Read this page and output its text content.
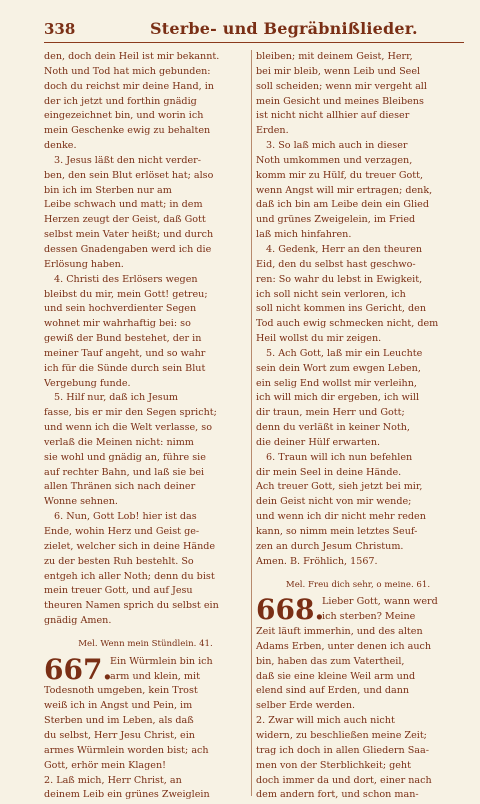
338	Sterbe- und Begräbnißlieder.
den, doch dein Heil ist mir bekannt.
Noth und Tod hat mich gebunden:
doch du reichst mir deine Hand, in
der ich jetzt und forthin gnädig
eingezeichnet bin, und worin ich
mein Geschenke ewig zu behalten
denke.
3. Jesus läßt den nicht verder-
ben, den sein Blut erlöset hat; also
bin ich im Sterben nur am
Leibe schwach und matt; in dem
Herzen zeugt der Geist, daß Gott
selbst mein Vater heißt; und durch
dessen Gnadengaben werd ich die
Erlösung haben.
4. Christi des Erlösers wegen
bleibst du mir, mein Gott! getreu;
und sein hochverdienter Segen
wohnet mir wahrhaftig bei: so
gewiß der Bund bestehet, der in
meiner Tauf angeht, und so wahr
ich für die Sünde durch sein Blut
Vergebung funde.
5. Hilf nur, daß ich Jesum
fasse, bis er mir den Segen spricht;
und wenn ich die Welt verlasse, so
verlaß die Meinen nicht: nimm
sie wohl und gnädig an, führe sie
auf rechter Bahn, und laß sie bei
allen Thränen sich nach deiner
Wonne sehnen.
6. Nun, Gott Lob! hier ist das
Ende, wohin Herz und Geist ge-
zielet, welcher sich in deine Hände
zu der besten Ruh bestehlt. So
entgeh ich aller Noth; denn du bist
mein treuer Gott, und auf Jesu
theuren Namen sprich du selbst ein
gnädig Amen.
Mel. Wenn mein Stündlein. 41.
667.
Ein Würmlein bin ich
arm und klein, mit
Todesnoth umgeben, kein Trost
weiß ich in Angst und Pein, im
Sterben und im Leben, als daß
du selbst, Herr Jesu Christ, ein
armes Würmlein worden bist; ach
Gott, erhör mein Klagen!
2. Laß mich, Herr Christ, an
deinem Leib ein grünes Zweiglein
bleiben; mit deinem Geist, Herr,
bei mir bleib, wenn Leib und Seel
soll scheiden; wenn mir vergeht all
mein Gesicht und meines Bleibens
ist nicht nicht allhier auf dieser
Erden.
3. So laß mich auch in dieser
Noth umkommen und verzagen,
komm mir zu Hülf, du treuer Gott,
wenn Angst will mir ertragen; denk,
daß ich bin am Leibe dein ein Glied
und grünes Zweigelein, im Fried
laß mich hinfahren.
4. Gedenk, Herr an den theuren
Eid, den du selbst hast geschwo-
ren: So wahr du lebst in Ewigkeit,
ich soll nicht sein verloren, ich
soll nicht kommen ins Gericht, den
Tod auch ewig schmecken nicht, dem
Heil wollst du mir zeigen.
5. Ach Gott, laß mir ein Leuchte
sein dein Wort zum ewgen Leben,
ein selig End wollst mir verleihn,
ich will mich dir ergeben, ich will
dir traun, mein Herr und Gott;
denn du verläßt in keiner Noth,
die deiner Hülf erwarten.
6. Traun will ich nun befehlen
dir mein Seel in deine Hände.
Ach treuer Gott, sieh jetzt bei mir,
dein Geist nicht von mir wende;
und wenn ich dir nicht mehr reden
kann, so nimm mein letztes Seuf-
zen an durch Jesum Christum.
Amen. B. Fröhlich, 1567.
Mel. Freu dich sehr, o meine. 61.
668.
Lieber Gott, wann werd
ich sterben? Meine
Zeit läuft immerhin, und des alten
Adams Erben, unter denen ich auch
bin, haben das zum Vatertheil,
daß sie eine kleine Weil arm und
elend sind auf Erden, und dann
selber Erde werden.
2. Zwar will mich auch nicht
widern, zu beschließen meine Zeit;
trag ich doch in allen Gliedern Saa-
men von der Sterblichkeit; geht
doch immer da und dort, einer nach
dem andern fort, und schon man-
